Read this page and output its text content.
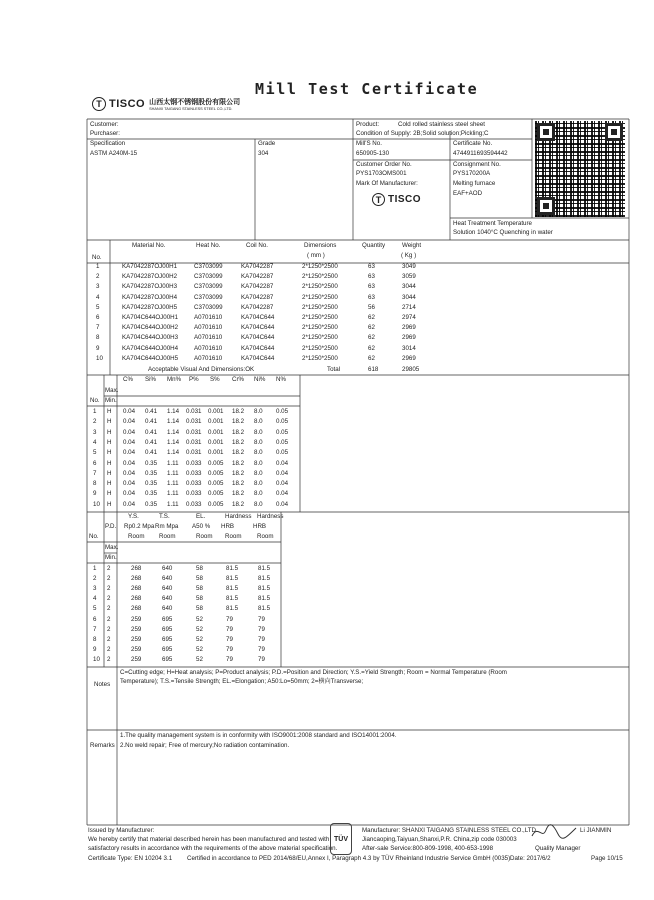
Mill Test Certificate
T TISCO 山西太钢不锈钢股份有限公司
SHANXI TAIGANG STAINLESS STEEL CO.,LTD.
Customer:
Purchaser:
Specification
ASTM A240M-15
Grade
304
Product:	Cold rolled stainless steel sheet
Condition of Supply: 2B;Solid solution;Pickling;C
Mill'S No.
650905-130
Certificate No.
4744911693594442
Customer Order No.
PYS1703OMS001
Consignment No.
PYS170200A
Mark Of Manufacturer:	Melting furnace
EAF+AOD
T TISCO
Heat Treatment Temperature
Solution 1040°C Quenching in water
No.
Material No.	Heat No.	Coil No.	Dimensions
( mm )
Quantity	Weight
( Kg )
1	KA7042287OJ00H1	C3703099	KA7042287	2*1250*2500	63	3049
2	KA7042287OJ00H2	C3703099	KA7042287	2*1250*2500	63	3059
3	KA7042287OJ00H3	C3703099	KA7042287	2*1250*2500	63	3044
4	KA7042287OJ00H4	C3703099	KA7042287	2*1250*2500	63	3044
5	KA7042287OJ00H5	C3703099	KA7042287	2*1250*2500	56	2714
6	KA704C644OJ00H1	A0701610	KA704C644	2*1250*2500	62	2974
7	KA704C644OJ00H2	A0701610	KA704C644	2*1250*2500	62	2969
8	KA704C644OJ00H3	A0701610	KA704C644	2*1250*2500	62	2969
9	KA704C644OJ00H4	A0701610	KA704C644	2*1250*2500	62	3014
10	KA704C644OJ00H5	A0701610	KA704C644	2*1250*2500	62	2969
Acceptable Visual And Dimensions:OK	Total	618	29805
C% Si% Mn% P% S% Cr% Ni% N%
Max.
Min.
No.
1 H 0.04 0.41 1.14 0.031 0.001 18.2 8.0 0.05
2 H 0.04 0.41 1.14 0.031 0.001 18.2 8.0 0.05
3 H 0.04 0.41 1.14 0.031 0.001 18.2 8.0 0.05
4 H 0.04 0.41 1.14 0.031 0.001 18.2 8.0 0.05
5 H 0.04 0.41 1.14 0.031 0.001 18.2 8.0 0.05
6 H 0.04 0.35 1.11 0.033 0.005 18.2 8.0 0.04
7 H 0.04 0.35 1.11 0.033 0.005 18.2 8.0 0.04
8 H 0.04 0.35 1.11 0.033 0.005 18.2 8.0 0.04
9 H 0.04 0.35 1.11 0.033 0.005 18.2 8.0 0.04
10 H 0.04 0.35 1.11 0.033 0.005 18.2 8.0 0.04
Y.S.	T.S.	EL.	Hardness Hardness
Rp0.2 Mpa Rm Mpa A50 % HRB	HRB
Room Room	Room Room Room
P.D.
No.
Max.
Min.
1 2	268	640	58	81.5	81.5
2 2	268	640	58	81.5	81.5
3 2	268	640	58	81.5	81.5
4 2	268	640	58	81.5	81.5
5 2	268	640	58	81.5	81.5
6 2	259	695	52	79	79
7 2	259	695	52	79	79
8 2	259	695	52	79	79
9 2	259	695	52	79	79
10 2	259	695	52	79	79
Notes
C=Cutting edge; H=Heat analysis; P=Product analysis; P.D.=Position and Direction; Y.S.=Yield Strength; Room = Normal Temperature (Room
Temperature); T.S.=Tensile Strength; EL.=Elongation; A50:Lo=50mm; 2=横向Transverse;
Remarks
1.The quality management system is in conformity with ISO9001:2008 standard and ISO14001:2004.
2.No weld repair; Free of mercury;No radiation contamination.
Issued by Manufacturer:
We hereby certify that material described herein has been manufactured and tested with
satisfactory results in accordance with the requirements of the above material specification.
TÜV
Manufacturer: SHANXI TAIGANG STAINLESS STEEL CO.,LTD.
Jiancaoping,Taiyuan,Shanxi,P.R. China,zip code 030003
After-sale Service:800-809-1998, 400-653-1998
Li JIANMIN
Quality Manager
Certificate Type: EN 10204 3.1 Certified in accordance to PED 2014/68/EU,Annex I, Paragraph 4.3 by TÜV Rheinland Industrie Service GmbH (0035) Date: 2017/6/2	Page 10/15
